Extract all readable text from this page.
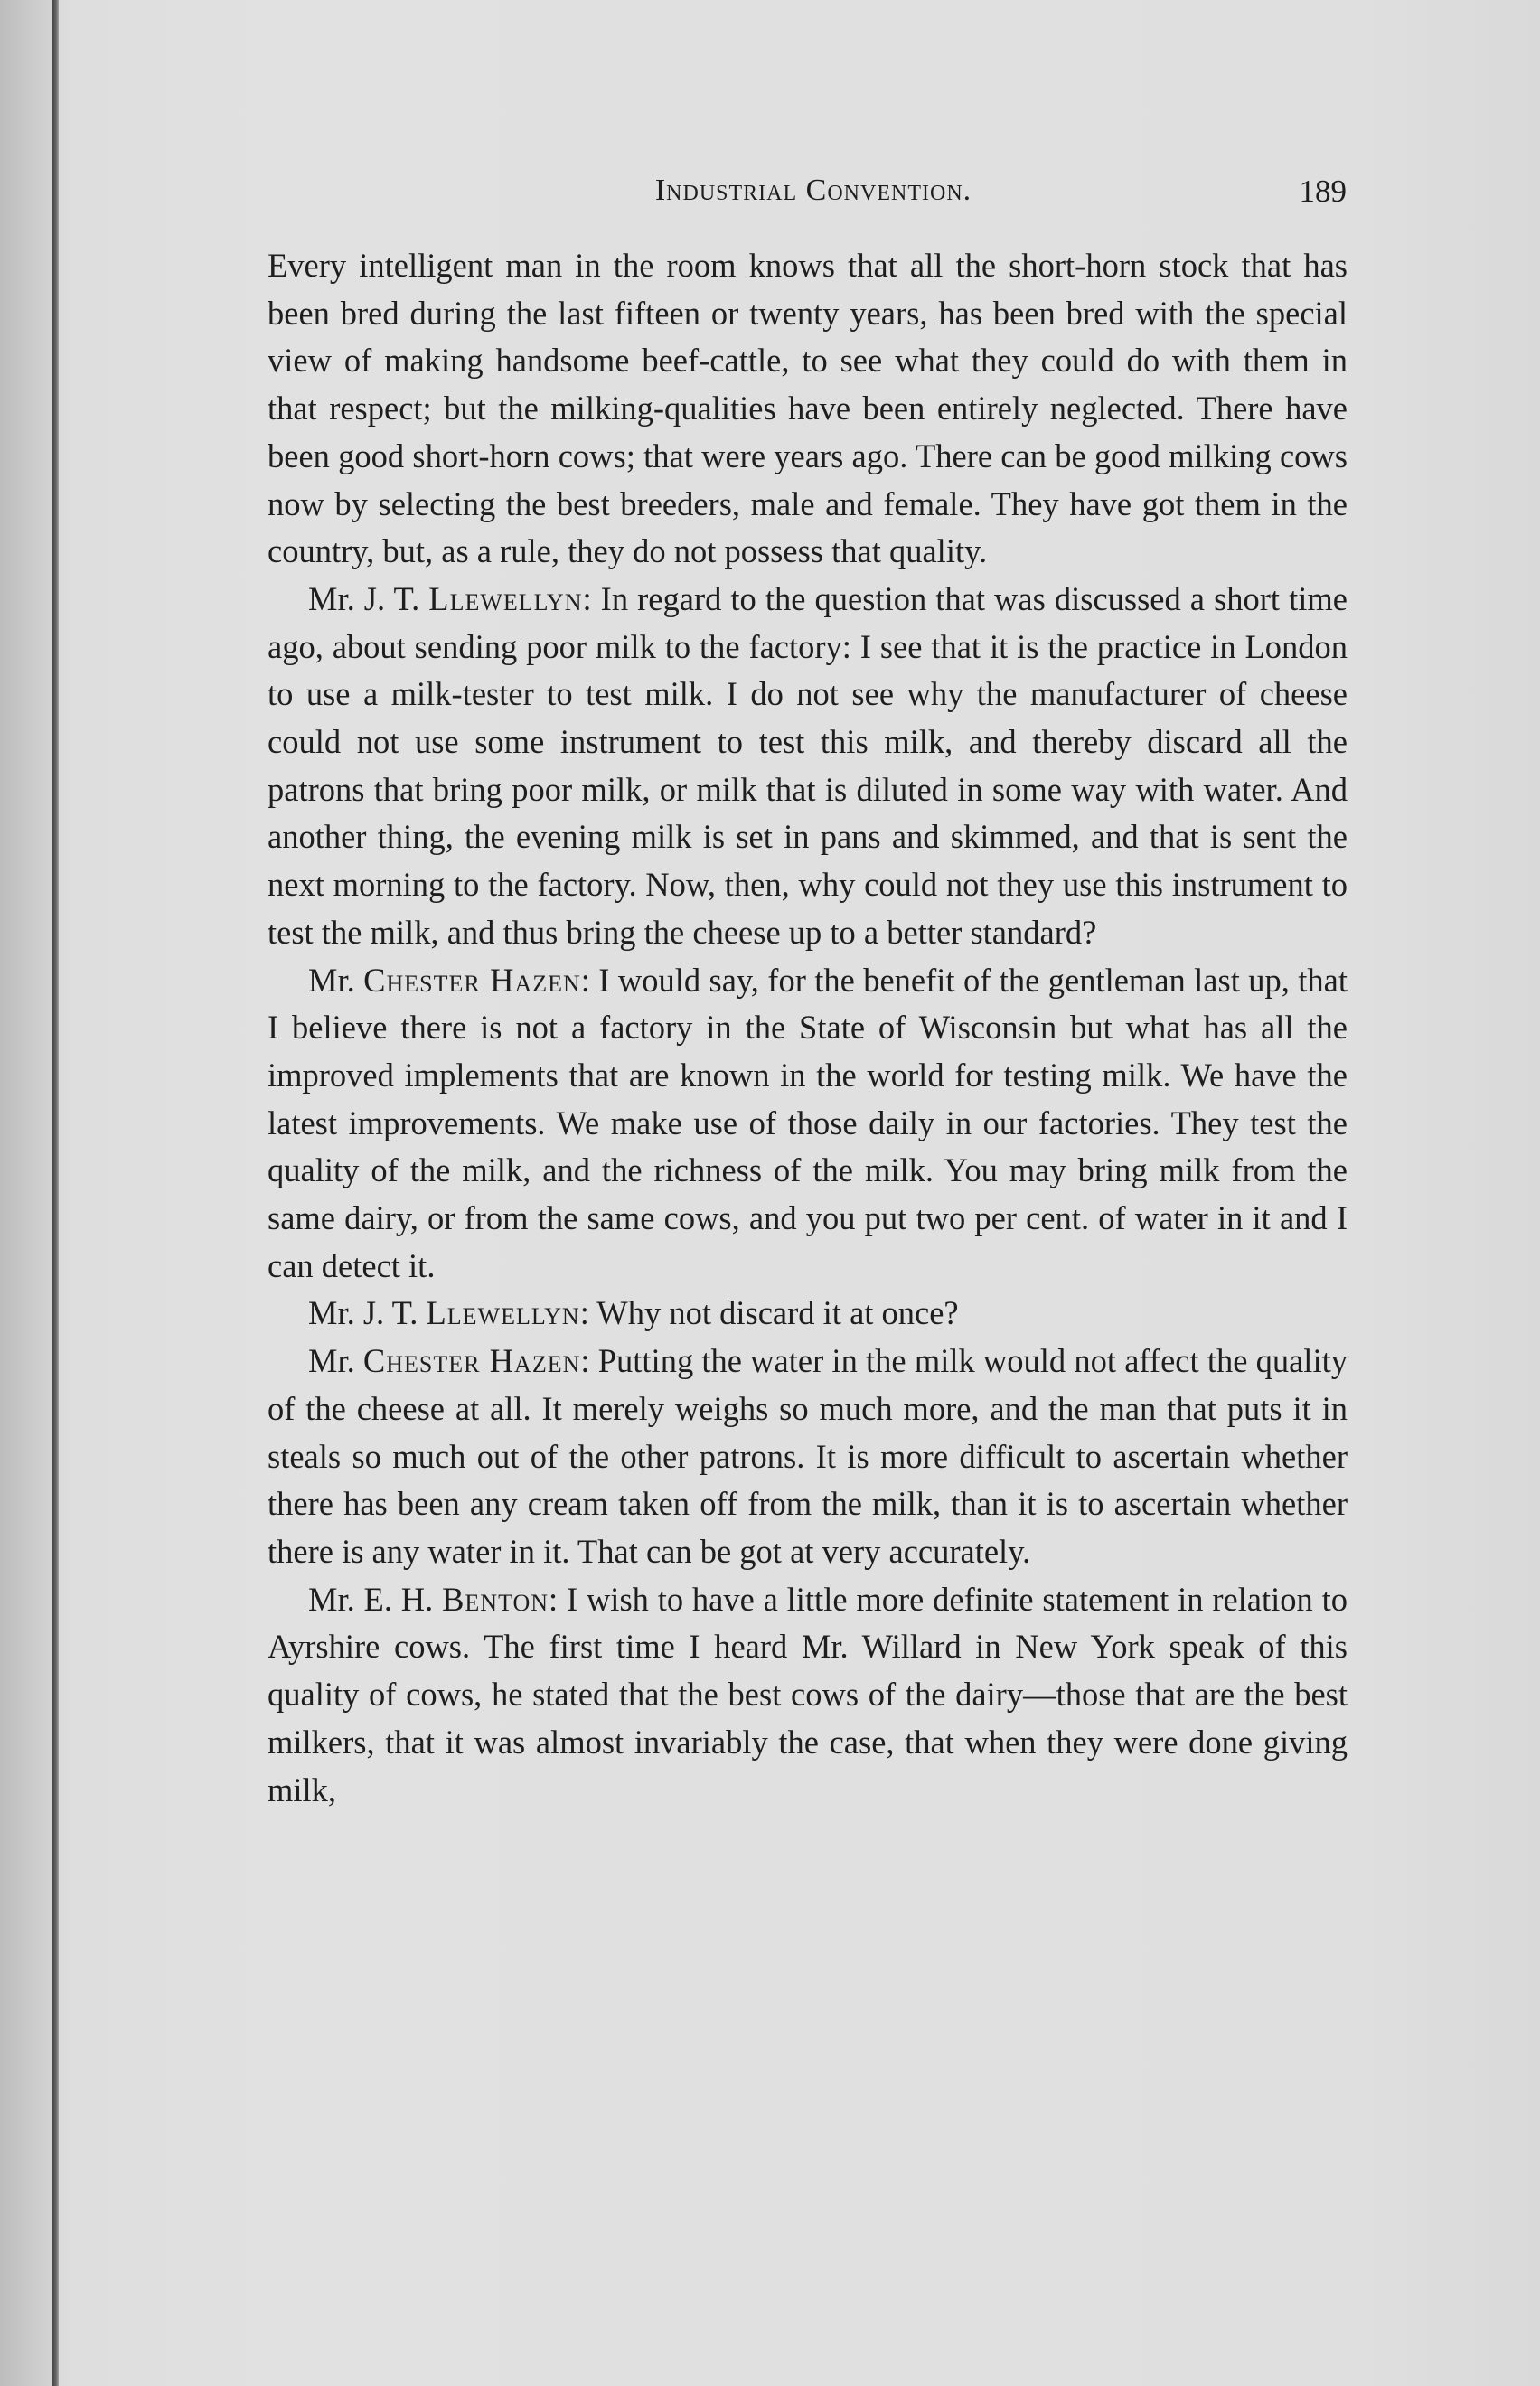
Industrial Convention.	189

Every intelligent man in the room knows that all the short-horn stock that has been bred during the last fifteen or twenty years, has been bred with the special view of making handsome beef-cattle, to see what they could do with them in that respect; but the milking-qualities have been entirely neglected. There have been good short-horn cows; that were years ago. There can be good milking cows now by selecting the best breeders, male and female. They have got them in the country, but, as a rule, they do not possess that quality.

Mr. J. T. Llewellyn: In regard to the question that was discussed a short time ago, about sending poor milk to the factory: I see that it is the practice in London to use a milk-tester to test milk. I do not see why the manufacturer of cheese could not use some instrument to test this milk, and thereby discard all the patrons that bring poor milk, or milk that is diluted in some way with water. And another thing, the evening milk is set in pans and skimmed, and that is sent the next morning to the factory. Now, then, why could not they use this instrument to test the milk, and thus bring the cheese up to a better standard?

Mr. Chester Hazen: I would say, for the benefit of the gentleman last up, that I believe there is not a factory in the State of Wisconsin but what has all the improved implements that are known in the world for testing milk. We have the latest improvements. We make use of those daily in our factories. They test the quality of the milk, and the richness of the milk. You may bring milk from the same dairy, or from the same cows, and you put two per cent. of water in it and I can detect it.

Mr. J. T. Llewellyn: Why not discard it at once?

Mr. Chester Hazen: Putting the water in the milk would not affect the quality of the cheese at all. It merely weighs so much more, and the man that puts it in steals so much out of the other patrons. It is more difficult to ascertain whether there has been any cream taken off from the milk, than it is to ascertain whether there is any water in it. That can be got at very accurately.

Mr. E. H. Benton: I wish to have a little more definite statement in relation to Ayrshire cows. The first time I heard Mr. Willard in New York speak of this quality of cows, he stated that the best cows of the dairy—those that are the best milkers, that it was almost invariably the case, that when they were done giving milk,
